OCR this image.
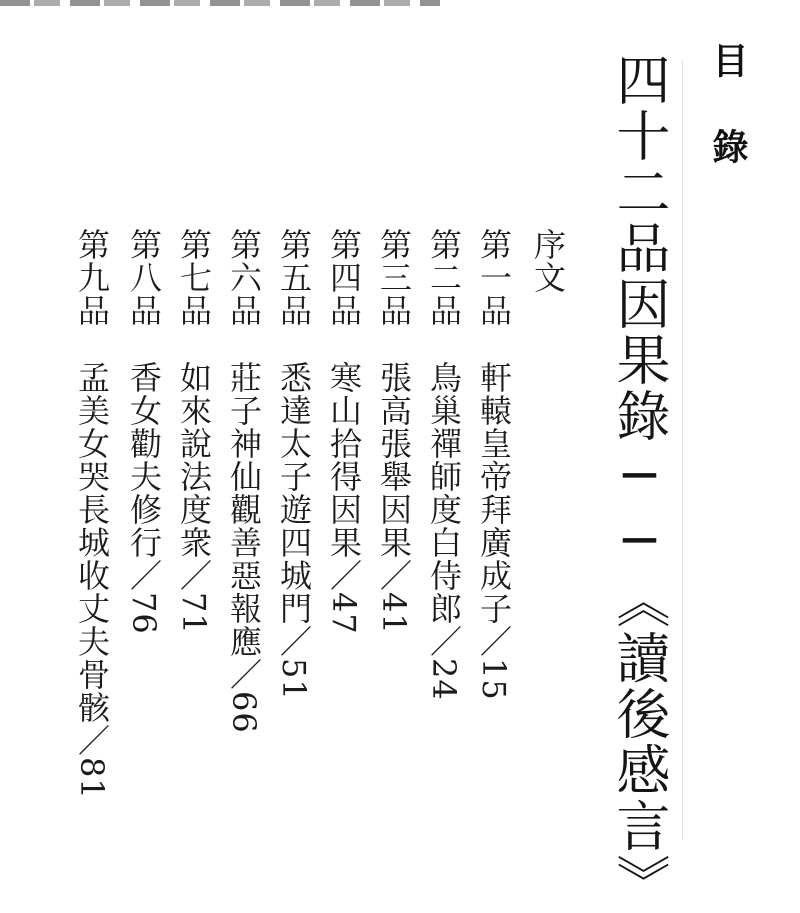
目
錄
四十二品因果錄──《讀後感言》
序文
第一品軒轅皇帝拜廣成子／15
第二品鳥巢禪師度白侍郎／24
第三品張高張舉因果／41
第四品寒山拾得因果／47
第五品悉達太子遊四城門／51
第六品莊子神仙觀善惡報應／66
第七品如來說法度衆／71
第八品香女勸夫修行／76
第九品孟美女哭長城收丈夫骨骸／81
